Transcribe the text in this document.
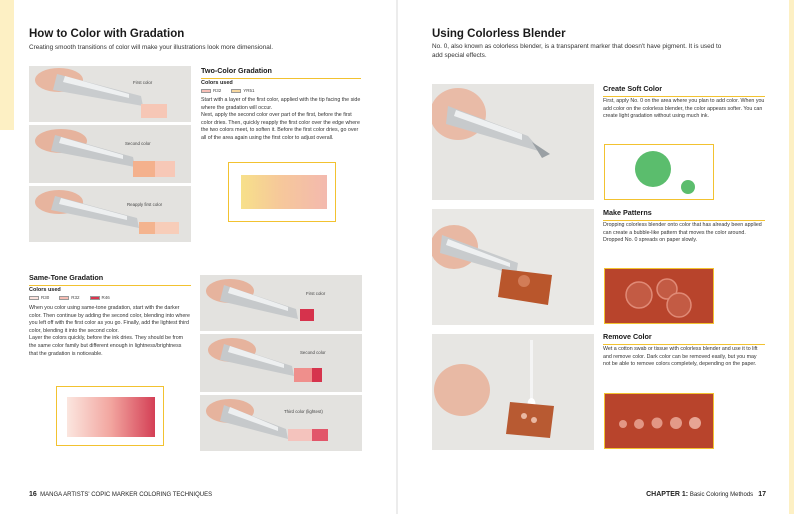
How to Color with Gradation
Creating smooth transitions of color will make your illustrations look more dimensional.
First color
Second color
Reapply first color
Two-Color Gradation
Colors used
R32	YR51
Start with a layer of the first color, applied with the tip facing the side where the gradation will occur.
Next, apply the second color over part of the first, before the first color dries. Then, quickly reapply the first color over the edge where the two colors meet, to soften it. Before the first color dries, go over all of the area again using the first color to adjust overall.
Same-Tone Gradation
Colors used
R30	R32	R46
When you color using same-tone gradation, start with the darker color. Then continue by adding the second color, blending into where you left off with the first color as you go. Finally, add the lightest third color, blending it into the second color.
Layer the colors quickly, before the ink dries. They should be from the same color family but different enough in lightness/brightness that the gradation is noticeable.
First color
Second color
Third color (lightest)
16 MANGA ARTISTS' COPIC MARKER COLORING TECHNIQUES
Using Colorless Blender
No. 0, also known as colorless blender, is a transparent marker that doesn't have pigment. It is used to add special effects.
Create Soft Color
First, apply No. 0 on the area where you plan to add color. When you add color on the colorless blender, the color appears softer. You can create light gradation without using much ink.
Make Patterns
Dropping colorless blender onto color that has already been applied can create a bubble-like pattern that moves the color around. Dropped No. 0 spreads on paper slowly.
Remove Color
Wet a cotton swab or tissue with colorless blender and use it to lift and remove color. Dark color can be removed easily, but you may not be able to remove colors completely, depending on the paper.
CHAPTER 1: Basic Coloring Methods 17
